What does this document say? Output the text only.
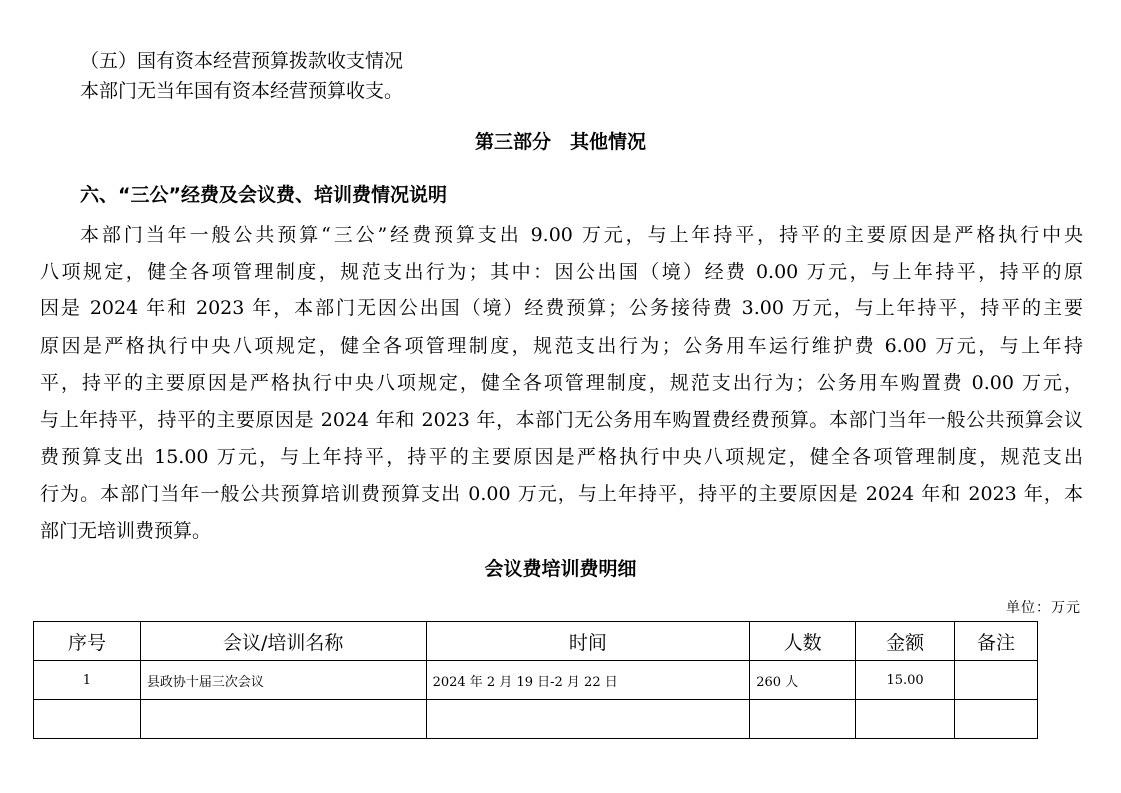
（五）国有资本经营预算拨款收支情况
本部门无当年国有资本经营预算收支。
第三部分　其他情况
六、“三公”经费及会议费、培训费情况说明
本部门当年一般公共预算“三公”经费预算支出 9.00 万元，与上年持平，持平的主要原因是严格执行中央
八项规定，健全各项管理制度，规范支出行为；其中：因公出国（境）经费 0.00 万元，与上年持平，持平的原
因是 2024 年和 2023 年，本部门无因公出国（境）经费预算；公务接待费 3.00 万元，与上年持平，持平的主要
原因是严格执行中央八项规定，健全各项管理制度，规范支出行为；公务用车运行维护费 6.00 万元，与上年持
平，持平的主要原因是严格执行中央八项规定，健全各项管理制度，规范支出行为；公务用车购置费 0.00 万元，
与上年持平，持平的主要原因是 2024 年和 2023 年，本部门无公务用车购置费经费预算。本部门当年一般公共预算会议
费预算支出 15.00 万元，与上年持平，持平的主要原因是严格执行中央八项规定，健全各项管理制度，规范支出
行为。本部门当年一般公共预算培训费预算支出 0.00 万元，与上年持平，持平的主要原因是 2024 年和 2023 年，本
部门无培训费预算。
会议费培训费明细
单位：万元
序号	会议/培训名称	时间	人数	金额	备注
1	县政协十届三次会议	2024 年 2 月 19 日-2 月 22 日	260 人	15.00	
